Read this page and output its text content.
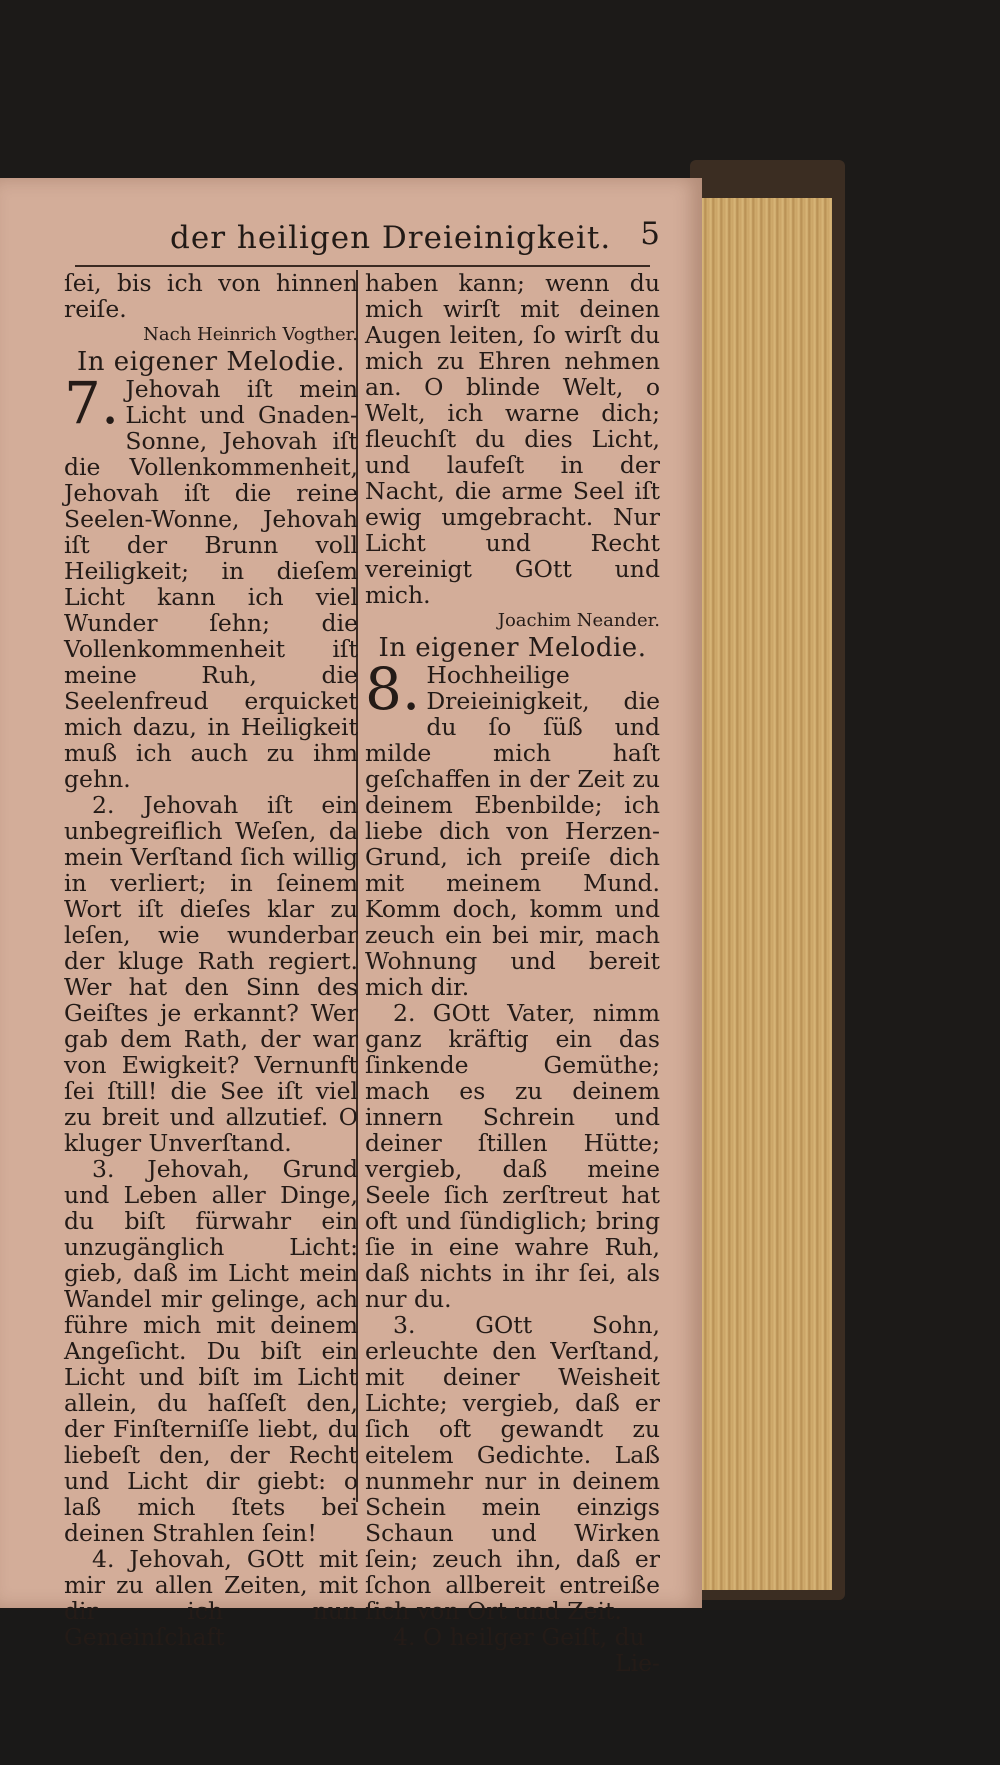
der heiligen Dreieinigkeit. 5

ſei, bis ich von hinnen reiſe.

Nach Heinrich Vogther.

In eigener Melodie.

7. Jehovah iſt mein Licht und Gnaden-Sonne, Jehovah iſt die Vollenkommenheit, Jehovah iſt die reine Seelen-Wonne, Jehovah iſt der Brunn voll Heiligkeit; in dieſem Licht kann ich viel Wunder ſehn; die Vollenkommenheit iſt meine Ruh, die Seelenfreud erquicket mich dazu, in Heiligkeit muß ich auch zu ihm gehn.

2. Jehovah iſt ein unbegreiflich Weſen, da mein Verſtand ſich willig in verliert; in ſeinem Wort iſt dieſes klar zu leſen, wie wunderbar der kluge Rath regiert. Wer hat den Sinn des Geiſtes je erkannt? Wer gab dem Rath, der war von Ewigkeit? Vernunft ſei ſtill! die See iſt viel zu breit und allzutief. O kluger Unverſtand.

3. Jehovah, Grund und Leben aller Dinge, du biſt fürwahr ein unzugänglich Licht: gieb, daß im Licht mein Wandel mir gelinge, ach führe mich mit deinem Angeſicht. Du biſt ein Licht und biſt im Licht allein, du haſſeſt den, der Finſterniſſe liebt, du liebeſt den, der Recht und Licht dir giebt: o laß mich ſtets bei deinen Strahlen ſein!

4. Jehovah, GOtt mit mir zu allen Zeiten, mit dir ich nun Gemeinſchaft

haben kann; wenn du mich wirſt mit deinen Augen leiten, ſo wirſt du mich zu Ehren nehmen an. O blinde Welt, o Welt, ich warne dich; fleuchſt du dies Licht, und laufeſt in der Nacht, die arme Seel iſt ewig umgebracht. Nur Licht und Recht vereinigt GOtt und mich.

Joachim Neander.

In eigener Melodie.

8. Hochheilige Dreieinigkeit, die du ſo ſüß und milde mich haſt geſchaffen in der Zeit zu deinem Ebenbilde; ich liebe dich von Herzen-Grund, ich preiſe dich mit meinem Mund. Komm doch, komm und zeuch ein bei mir, mach Wohnung und bereit mich dir.

2. GOtt Vater, nimm ganz kräftig ein das ſinkende Gemüthe; mach es zu deinem innern Schrein und deiner ſtillen Hütte; vergieb, daß meine Seele ſich zerſtreut hat oft und ſündiglich; bring ſie in eine wahre Ruh, daß nichts in ihr ſei, als nur du.

3. GOtt Sohn, erleuchte den Verſtand, mit deiner Weisheit Lichte; vergieb, daß er ſich oft gewandt zu eitelem Gedichte. Laß nunmehr nur in deinem Schein mein einzigs Schaun und Wirken ſein; zeuch ihn, daß er ſchon allbereit entreiße ſich von Ort und Zeit.

4. O heilger Geiſt, du

Lie-
